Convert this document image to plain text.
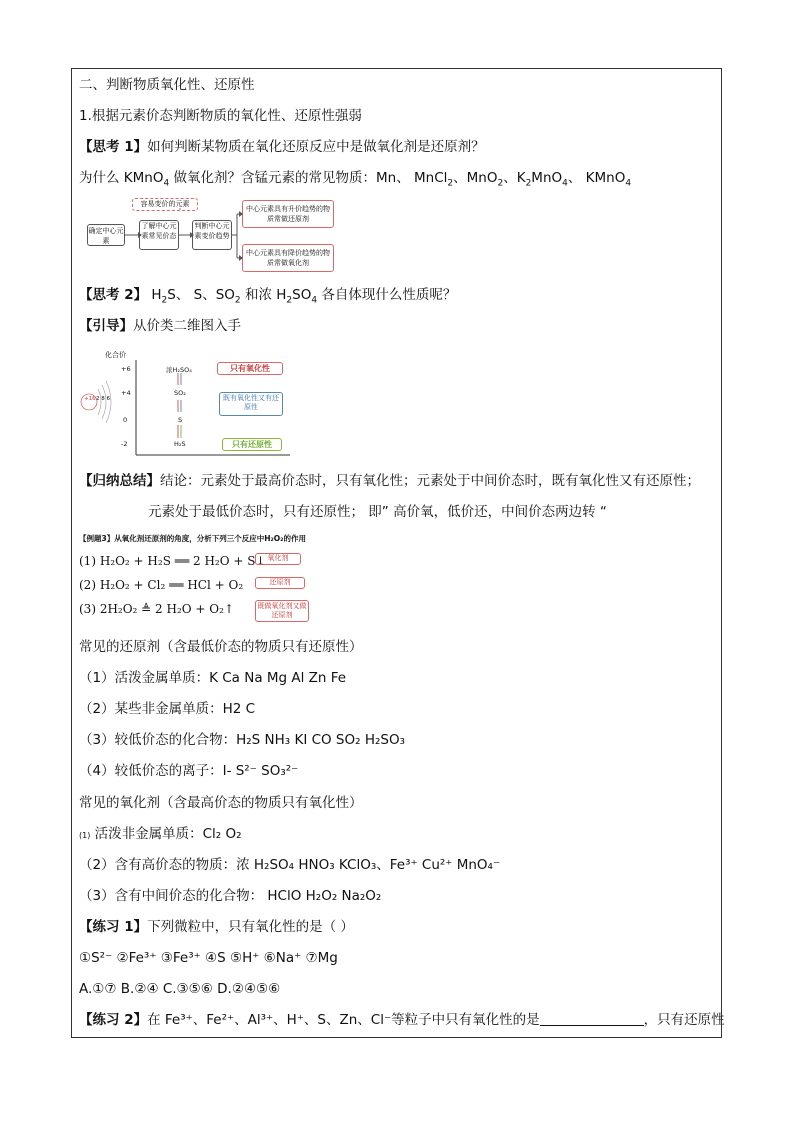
二、判断物质氧化性、还原性
1.根据元素价态判断物质的氧化性、还原性强弱
【思考 1】如何判断某物质在氧化还原反应中是做氧化剂是还原剂？
为什么 KMnO$_4$ 做氧化剂？含锰元素的常见物质：Mn、 MnCl$_2$、MnO$_2$、$K_2MnO_4$、 KMnO$_4$
容易变价的元素
确定中心元素
了解中心元素常见价态
判断中心元素变价趋势
中心元素具有升价趋势的物质常做还原剂
中心元素具有降价趋势的物质常做氧化剂
【思考 2】 $H_2S$、 S、$SO_2$ 和浓 $H_2SO_4$ 各自体现什么性质呢？
【引导】从价类二维图入手
化合价
+6
+4
0
-2
浓H₂SO₄
SO₂
S
H₂S
只有氧化性
既有氧化性又有还原性
只有还原性
+16 2 8 6
【归纳总结】结论：元素处于最高价态时，只有氧化性；元素处于中间价态时，既有氧化性又有还原性；
元素处于最低价态时，只有还原性； 即” 高价氧，低价还，中间价态两边转 “
【例题3】从氧化剂还原剂的角度，分析下列三个反应中H₂O₂的作用
(1) H₂O₂ + H₂S ══ 2 H₂O + S↓
(2) H₂O₂ + Cl₂ ══ HCl + O₂
(3) 2H₂O₂ ≜ 2 H₂O + O₂↑
氧化剂
还原剂
既做氧化剂又做还原剂
常见的还原剂（含最低价态的物质只有还原性）
（1）活泼金属单质：K Ca Na Mg Al Zn Fe
（2）某些非金属单质：H2 C
（3）较低价态的化合物：H₂S NH₃ KI CO SO₂ H₂SO₃
（4）较低价态的离子：I- S²⁻ SO₃²⁻
常见的氧化剂（含最高价态的物质只有氧化性）
(1) 活泼非金属单质：Cl₂ O₂
（2）含有高价态的物质：浓 H₂SO₄ HNO₃ KClO₃、Fe³⁺ Cu²⁺ MnO₄⁻
（3）含有中间价态的化合物： HClO H₂O₂ Na₂O₂
【练习 1】下列微粒中，只有氧化性的是（ ）
①S²⁻ ②Fe³⁺ ③Fe³⁺ ④S ⑤H⁺ ⑥Na⁺ ⑦Mg
A.①⑦ B.②④ C.③⑤⑥ D.②④⑤⑥
【练习 2】在 Fe³⁺、Fe²⁺、Al³⁺、H⁺、S、Zn、Cl⁻等粒子中只有氧化性的是	，只有还原性
